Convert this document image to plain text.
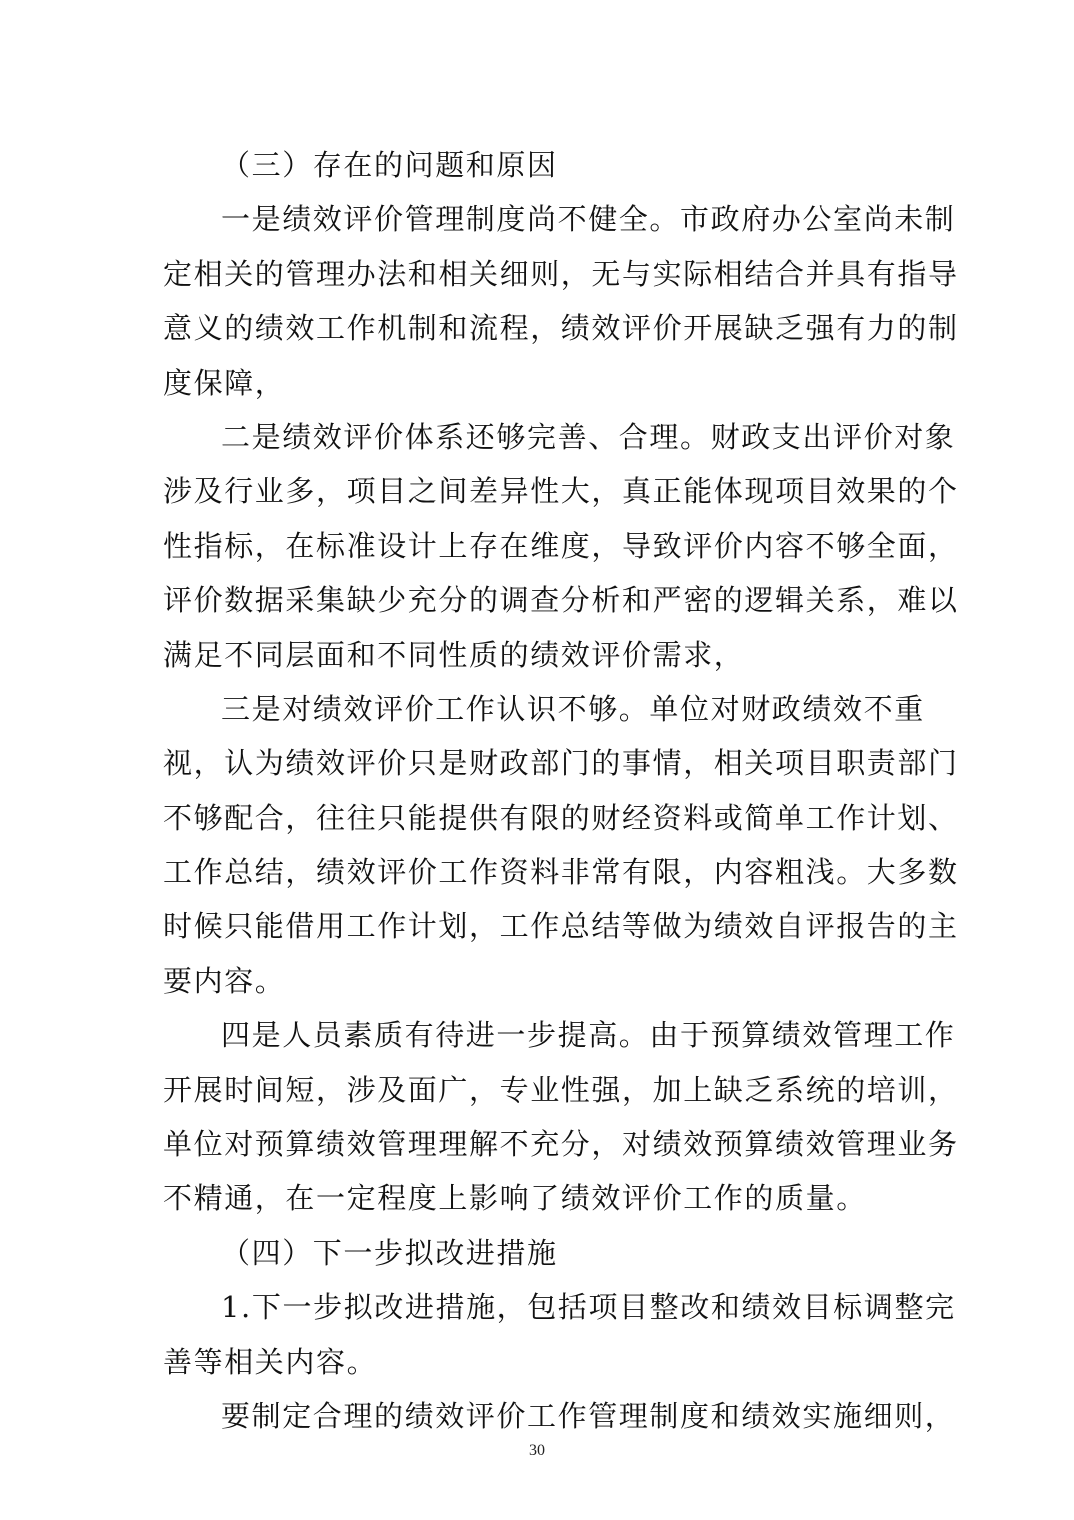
（三）存在的问题和原因
一是绩效评价管理制度尚不健全。市政府办公室尚未制
定相关的管理办法和相关细则，无与实际相结合并具有指导
意义的绩效工作机制和流程，绩效评价开展缺乏强有力的制
度保障，
二是绩效评价体系还够完善、合理。财政支出评价对象
涉及行业多，项目之间差异性大，真正能体现项目效果的个
性指标，在标准设计上存在维度，导致评价内容不够全面，
评价数据采集缺少充分的调查分析和严密的逻辑关系，难以
满足不同层面和不同性质的绩效评价需求，
三是对绩效评价工作认识不够。单位对财政绩效不重
视，认为绩效评价只是财政部门的事情，相关项目职责部门
不够配合，往往只能提供有限的财经资料或简单工作计划、
工作总结，绩效评价工作资料非常有限，内容粗浅。大多数
时候只能借用工作计划，工作总结等做为绩效自评报告的主
要内容。
四是人员素质有待进一步提高。由于预算绩效管理工作
开展时间短，涉及面广，专业性强，加上缺乏系统的培训，
单位对预算绩效管理理解不充分，对绩效预算绩效管理业务
不精通，在一定程度上影响了绩效评价工作的质量。
（四）下一步拟改进措施
1.下一步拟改进措施，包括项目整改和绩效目标调整完
善等相关内容。
要制定合理的绩效评价工作管理制度和绩效实施细则，
30
